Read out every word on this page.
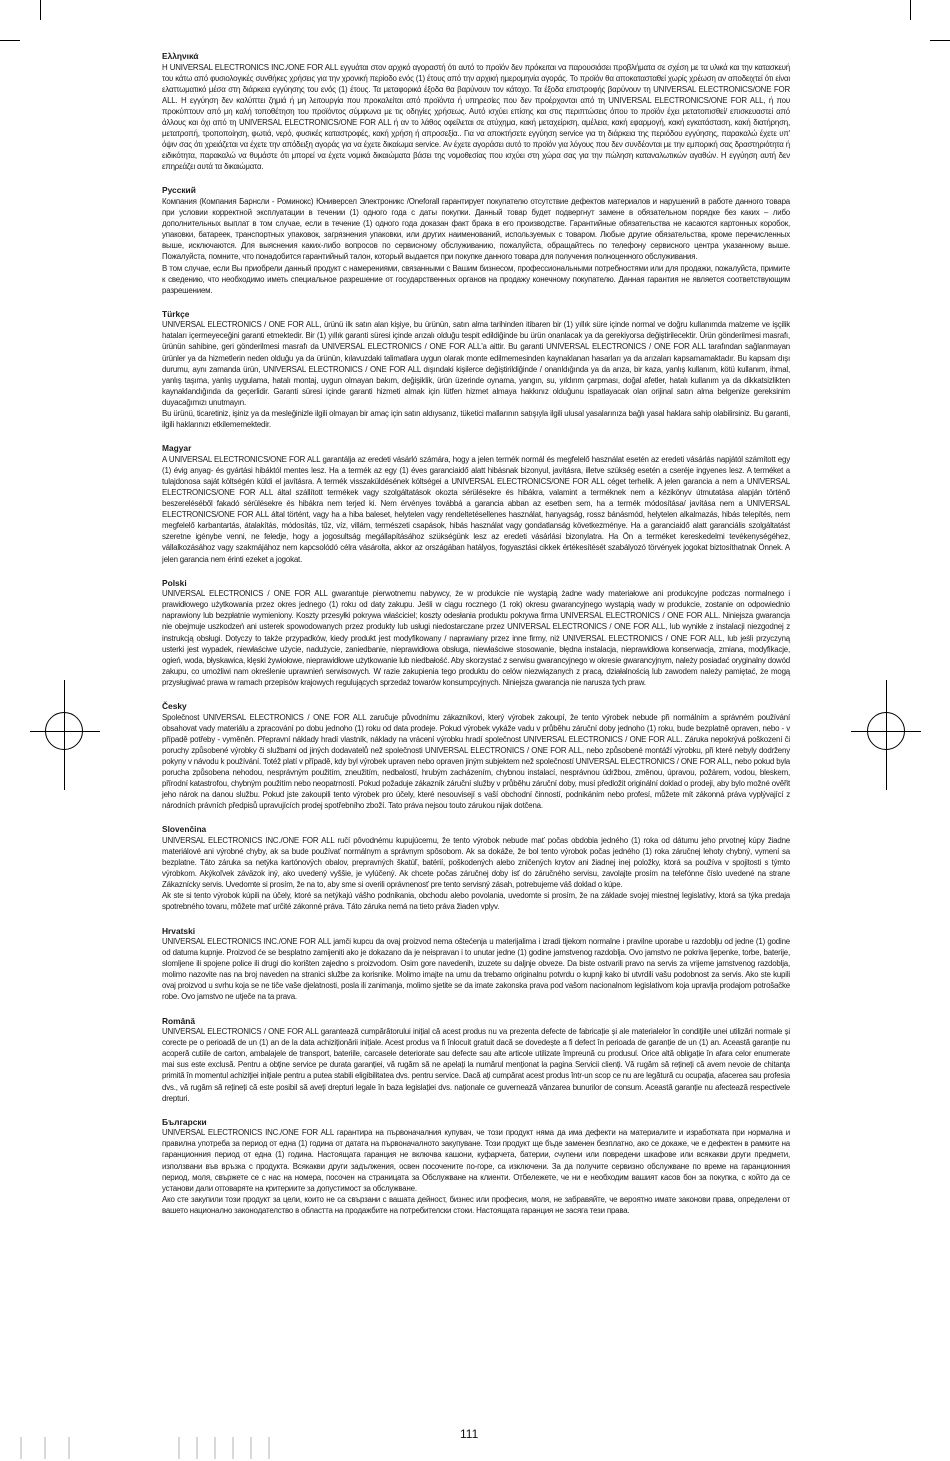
Ελληνικά

Η UNIVERSAL ELECTRONICS INC./ONE FOR ALL εγγυάται στον αρχικό αγοραστή ότι αυτό το προϊόν δεν πρόκειται να παρουσιάσει προβλήματα σε σχέση με τα υλικά και την κατασκευή του κάτω από φυσιολογικές συνθήκες χρήσεις για την χρονική περίοδο ενός (1) έτους από την αρχική ημερομηνία αγοράς. Το προϊόν θα αποκατασταθεί χωρίς χρέωση αν αποδειχτεί ότι είναι ελαττωματικό μέσα στη διάρκεια εγγύησης του ενός (1) έτους. Τα μεταφορικά έξοδα θα βαρύνουν τον κάτοχο. Τα έξοδα επιστροφής βαρύνουν τη UNIVERSAL ELECTRONICS/ONE FOR ALL. Η εγγύηση δεν καλύπτει ζημιά ή μη λειτουργία που προκαλείται από προϊόντα ή υπηρεσίες που δεν προέρχονται από τη UNIVERSAL ELECTRONICS/ONE FOR ALL, ή που προκύπτουν από μη καλή τοποθέτηση του προϊόντος σύμφωνα με τις οδηγίες χρήσεως. Αυτό ισχύει επίσης και στις περιπτώσεις όπου το προϊόν έχει μετατοπισθεί/ επισκευαστεί από άλλους και όχι από τη UNIVERSAL ELECTRONICS/ONE FOR ALL ή αν το λάθος οφείλεται σε ατύχημα, κακή μεταχείριση, αμέλεια, κακή εφαρμογή, κακή εγκατάσταση, κακή διατήρηση, μετατροπή, τροποποίηση, φωτιά, νερό, φυσικές καταστροφές, κακή χρήση ή απροσεξία.. Για να αποκτήσετε εγγύηση service για τη διάρκεια της περιόδου εγγύησης, παρακαλώ έχετε υπ' όψιν σας ότι χρειάζεται να έχετε την απόδειξη αγοράς για να έχετε δικαίωμα service. Αν έχετε αγοράσει αυτό το προϊόν για λόγους που δεν συνδέονται με την εμπορική σας δραστηριότητα ή ειδικότητα, παρακαλώ να θυμάστε ότι μπορεί να έχετε νομικά δικαιώματα βάσει της νομοθεσίας που ισχύει στη χώρα σας για την πώληση καταναλωτικών αγαθών. Η εγγύηση αυτή δεν επηρεάζει αυτά τα δικαιώματα.

Русский

Компания (Компания Барнсли - Роминокс) Юниверсел Электроникс /Oneforall гарантирует покупателю отсутствие дефектов материалов и нарушений в работе данного товара при условии корректной эксплуатации в течении (1) одного года с даты покупки. Данный товар будет подвергнут замене в обязательном порядке без каких – либо дополнительных выплат в том случае, если в течение (1) одного года доказан факт брака в его производстве. Гарантийные обязательства не касаются картонных коробок, упаковки, батареек, транспортных упаковок, загрязнения упаковки, или других наименований, используемых с товаром. Любые другие обязательства, кроме перечисленных выше, исключаются. Для выяснения каких-либо вопросов по сервисному обслуживанию, пожалуйста, обращайтесь по телефону сервисного центра указанному выше. Пожалуйста, помните, что понадобится гарантийный талон, который выдается при покупке данного товара для получения полноценного обслуживания.

В том случае, если Вы приобрели данный продукт с намерениями, связанными с Вашим бизнесом, профессиональными потребностями или для продажи, пожалуйста, примите к сведению, что необходимо иметь специальное разрешение от государственных органов на продажу конечному покупателю. Данная гарантия не является соответствующим разрешением.

Türkçe

UNIVERSAL ELECTRONICS / ONE FOR ALL, ürünü ilk satın alan kişiye, bu ürünün, satın alma tarihinden itibaren bir (1) yıllık süre içinde normal ve doğru kullanımda malzeme ve işçilik hataları içermeyeceğini garanti etmektedir. Bir (1) yıllık garanti süresi içinde arızalı olduğu tespit edildiğinde bu ürün onanlacak ya da gerekiyorsa değiştirilecektir. Ürün gönderilmesi masrafı, ürünün sahibine, geri gönderilmesi masrafı da UNIVERSAL ELECTRONICS / ONE FOR ALL'a aittir. Bu garanti UNIVERSAL ELECTRONICS / ONE FOR ALL tarafından sağlanmayan ürünler ya da hizmetlerin neden olduğu ya da ürünün, kılavuzdaki talimatlara uygun olarak monte edilmemesinden kaynaklanan hasarları ya da arızaları kapsamamaktadır. Bu kapsam dışı durumu, aynı zamanda ürün, UNIVERSAL ELECTRONICS / ONE FOR ALL dışındaki kişilerce değiştirildiğinde / onarıldığında ya da arıza, bir kaza, yanlış kullanım, kötü kullanım, ihmal, yanlış taşıma, yanlış uygulama, hatalı montaj, uygun olmayan bakım, değişiklik, ürün üzerinde oynama, yangın, su, yıldırım çarpması, doğal afetler, hatalı kullanım ya da dikkatsizlikten kaynaklandığında da geçerlidir. Garanti süresi içinde garanti hizmeti almak için lütfen hizmet almaya hakkınız olduğunu ispatlayacak olan orijinal satın alma belgenize gereksinim duyacağımızı unutmayın.

Bu ürünü, ticaretiniz, işiniz ya da mesleğinizle ilgili olmayan bir amaç için satın aldıysanız, tüketici mallarının satışıyla ilgili ulusal yasalarınıza bağlı yasal haklara sahip olabilirsiniz. Bu garanti, ilgili haklarınızı etkilememektedir.

Magyar

A UNIVERSAL ELECTRONICS/ONE FOR ALL garantálja az eredeti vásárló számára, hogy a jelen termék normál és megfelelő használat esetén az eredeti vásárlás napjától számított egy (1) évig anyag- és gyártási hibáktól mentes lesz. Ha a termék az egy (1) éves garanciaidő alatt hibásnak bizonyul, javításra, illetve szükség esetén a cseréje ingyenes lesz. A terméket a tulajdonosa saját költségén küldi el javításra. A termék visszaküldésének költségei a UNIVERSAL ELECTRONICS/ONE FOR ALL céget terhelik. A jelen garancia a nem a UNIVERSAL ELECTRONICS/ONE FOR ALL által szállított termékek vagy szolgáltatások okozta sérülésekre és hibákra, valamint a terméknek nem a kézikönyv útmutatása alapján történő beszereléséből fakadó sérülésekre és hibákra nem terjed ki. Nem érvényes továbbá a garancia abban az esetben sem, ha a termék módosítása/ javítása nem a UNIVERSAL ELECTRONICS/ONE FOR ALL által történt, vagy ha a hiba baleset, helytelen vagy rendeltetésellenes használat, hanyagság, rossz bánásmód, helytelen alkalmazás, hibás telepítés, nem megfelelő karbantartás, átalakítás, módosítás, tűz, víz, villám, természeti csapások, hibás használat vagy gondatlanság következménye. Ha a garanciaidő alatt garanciális szolgáltatást szeretne igénybe venni, ne feledje, hogy a jogosultság megállapításához szükségünk lesz az eredeti vásárlási bizonylatra. Ha Ön a terméket kereskedelmi tevékenységéhez, vállalkozásához vagy szakmájához nem kapcsolódó célra vásárolta, akkor az országában hatályos, fogyasztási cikkek értékesítését szabályozó törvények jogokat biztosíthatnak Önnek. A jelen garancia nem érinti ezeket a jogokat.

Polski

UNIVERSAL ELECTRONICS / ONE FOR ALL gwarantuje pierwotnemu nabywcy, że w produkcie nie wystąpią żadne wady materiałowe ani produkcyjne podczas normalnego i prawidłowego użytkowania przez okres jednego (1) roku od daty zakupu. Jeśli w ciągu rocznego (1 rok) okresu gwarancyjnego wystąpią wady w produkcie, zostanie on odpowiednio naprawiony lub bezpłatnie wymieniony. Koszty przesyłki pokrywa właściciel; koszty odesłania produktu pokrywa firma UNIVERSAL ELECTRONICS / ONE FOR ALL. Niniejsza gwarancja nie obejmuje uszkodzeń ani usterek spowodowanych przez produkty lub usługi niedostarczane przez UNIVERSAL ELECTRONICS / ONE FOR ALL, lub wynikłe z instalacji niezgodnej z instrukcją obsługi. Dotyczy to także przypadków, kiedy produkt jest modyfikowany / naprawiany przez inne firmy, niż UNIVERSAL ELECTRONICS / ONE FOR ALL, lub jeśli przyczyną usterki jest wypadek, niewłaściwe użycie, nadużycie, zaniedbanie, nieprawidłowa obsługa, niewłaściwe stosowanie, błędna instalacja, nieprawidłowa konserwacja, zmiana, modyfikacje, ogień, woda, błyskawica, klęski żywiołowe, nieprawidłowe użytkowanie lub niedbałość. Aby skorzystać z serwisu gwarancyjnego w okresie gwarancyjnym, należy posiadać oryginalny dowód zakupu, co umożliwi nam określenie uprawnień serwisowych. W razie zakupienia tego produktu do celów niezwiązanych z pracą, działalnością lub zawodem należy pamiętać, że mogą przysługiwać prawa w ramach przepisów krajowych regulujących sprzedaż towarów konsumpcyjnych. Niniejsza gwarancja nie narusza tych praw.

Česky

Společnost UNIVERSAL ELECTRONICS / ONE FOR ALL zaručuje původnímu zákazníkovi, který výrobek zakoupí, že tento výrobek nebude při normálním a správném používání obsahovat vady materiálu a zpracování po dobu jednoho (1) roku od data prodeje. Pokud výrobek vykáže vadu v průběhu záruční doby jednoho (1) roku, bude bezplatně opraven, nebo - v případě potřeby - vyměněn. Přepravní náklady hradí vlastník, náklady na vrácení výrobku hradí společnost UNIVERSAL ELECTRONICS / ONE FOR ALL. Záruka nepokrývá poškození či poruchy způsobené výrobky či službami od jiných dodavatelů než společnosti UNIVERSAL ELECTRONICS / ONE FOR ALL, nebo způsobené montáží výrobku, při které nebyly dodrženy pokyny v návodu k používání. Totéž platí v případě, kdy byl výrobek upraven nebo opraven jiným subjektem než společností UNIVERSAL ELECTRONICS / ONE FOR ALL, nebo pokud byla porucha způsobena nehodou, nesprávným použitím, zneužitím, nedbalostí, hrubým zacházením, chybnou instalací, nesprávnou údržbou, změnou, úpravou, požárem, vodou, bleskem, přírodní katastrofou, chybným použitím nebo neopatrností. Pokud požaduje zákazník záruční služby v průběhu záruční doby, musí předložit originální doklad o prodeji, aby bylo možné ověřit jeho nárok na danou službu. Pokud jste zakoupili tento výrobek pro účely, které nesouvisejí s vaší obchodní činností, podnikáním nebo profesí, můžete mít zákonná práva vyplývající z národních právních předpisů upravujících prodej spotřebního zboží. Tato práva nejsou touto zárukou nijak dotčena.

Slovenčina

UNIVERSAL ELECTRONICS INC./ONE FOR ALL ručí pôvodnému kupujúcemu, že tento výrobok nebude mať počas obdobia jedného (1) roka od dátumu jeho prvotnej kúpy žiadne materiálové ani výrobné chyby, ak sa bude používať normálnym a správnym spôsobom. Ak sa dokáže, že bol tento výrobok počas jedného (1) roka záručnej lehoty chybný, vymení sa bezplatne. Táto záruka sa netýka kartónových obalov, prepravných škatúľ, batérií, poškodených alebo zničených krytov ani žiadnej inej položky, ktorá sa používa v spojitosti s týmto výrobkom. Akýkoľvek záväzok iný, ako uvedený vyššie, je vylúčený. Ak chcete počas záručnej doby ísť do záručného servisu, zavolajte prosím na telefónne číslo uvedené na strane Zákaznícky servis. Uvedomte si prosím, že na to, aby sme si overili oprávnenosť pre tento servisný zásah, potrebujeme váš doklad o kúpe.

Ak ste si tento výrobok kúpili na účely, ktoré sa netýkajú vášho podnikania, obchodu alebo povolania, uvedomte si prosím, že na základe svojej miestnej legislatívy, ktorá sa týka predaja spotrebného tovaru, môžete mať určité zákonné práva. Táto záruka nemá na tieto práva žiaden vplyv.

Hrvatski

UNIVERSAL ELECTRONICS INC./ONE FOR ALL jamči kupcu da ovaj proizvod nema oštećenja u materijalima i izradi tijekom normalne i pravilne uporabe u razdoblju od jedne (1) godine od datuma kupnje. Proizvod će se besplatno zamijeniti ako je dokazano da je neispravan i to unutar jedne (1) godine jamstvenog razdoblja. Ovo jamstvo ne pokriva ljepenke, torbe, baterije, slomljene ili spojene police ili drugi dio korišten zajedno s proizvodom. Osim gore navedenih, izuzete su daljnje obveze. Da biste ostvarili pravo na servis za vrijeme jamstvenog razdoblja, molimo nazovite nas na broj naveden na stranici službe za korisnike. Molimo imajte na umu da trebamo originalnu potvrdu o kupnji kako bi utvrdili vašu podobnost za servis. Ako ste kupili ovaj proizvod u svrhu koja se ne tiče vaše djelatnosti, posla ili zanimanja, molimo sjetite se da imate zakonska prava pod vašom nacionalnom legislativom koja upravlja prodajom potrošačke robe. Ovo jamstvo ne utječe na ta prava.

Română

UNIVERSAL ELECTRONICS / ONE FOR ALL garantează cumpărătorului inițial că acest produs nu va prezenta defecte de fabricație și ale materialelor în condițiile unei utilizări normale și corecte pe o perioadă de un (1) an de la data achiziționării inițiale. Acest produs va fi înlocuit gratuit dacă se dovedește a fi defect în perioada de garanție de un (1) an. Această garanție nu acoperă cutiile de carton, ambalajele de transport, bateriile, carcasele deteriorate sau defecte sau alte articole utilizate împreună cu produsul. Orice altă obligație în afara celor enumerate mai sus este exclusă. Pentru a obține service pe durata garanției, vă rugăm să ne apelați la numărul menționat la pagina Servicii clienți. Vă rugăm să rețineți că avem nevoie de chitanța primită în momentul achiziției inițiale pentru a putea stabili eligibilitatea dvs. pentru service. Dacă ați cumpărat acest produs într-un scop ce nu are legătură cu ocupația, afacerea sau profesia dvs., vă rugăm să rețineți că este posibil să aveți drepturi legale în baza legislației dvs. naționale ce guvernează vânzarea bunurilor de consum. Această garanție nu afectează respectivele drepturi.

Български

UNIVERSAL ELECTRONICS INC./ONE FOR ALL гарантира на първоначалния купувач, че този продукт няма да има дефекти на материалите и изработката при нормална и правилна употреба за период от една (1) година от датата на първоначалното закупуване. Този продукт ще бъде заменен безплатно, ако се докаже, че е дефектен в рамките на гаранционния период от една (1) година. Настоящата гаранция не включва кашони, куфарчета, батерии, счупени или повредени шкафове или всякакви други предмети, използвани във връзка с продукта. Всякакви други задължения, освен посочените по-горе, са изключени. За да получите сервизно обслужване по време на гаранционния период, моля, свържете се с нас на номера, посочен на страницата за Обслужване на клиенти. Отбележете, че ни е необходим вашият касов бон за покупка, с който да се установи дали отговаряте на критериите за допустимост за обслужване.

Ако сте закупили този продукт за цели, които не са свързани с вашата дейност, бизнес или професия, моля, не забравяйте, че вероятно имате законови права, определени от вашето национално законодателство в областта на продажбите на потребителски стоки. Настоящата гаранция не засяга тези права.

111
